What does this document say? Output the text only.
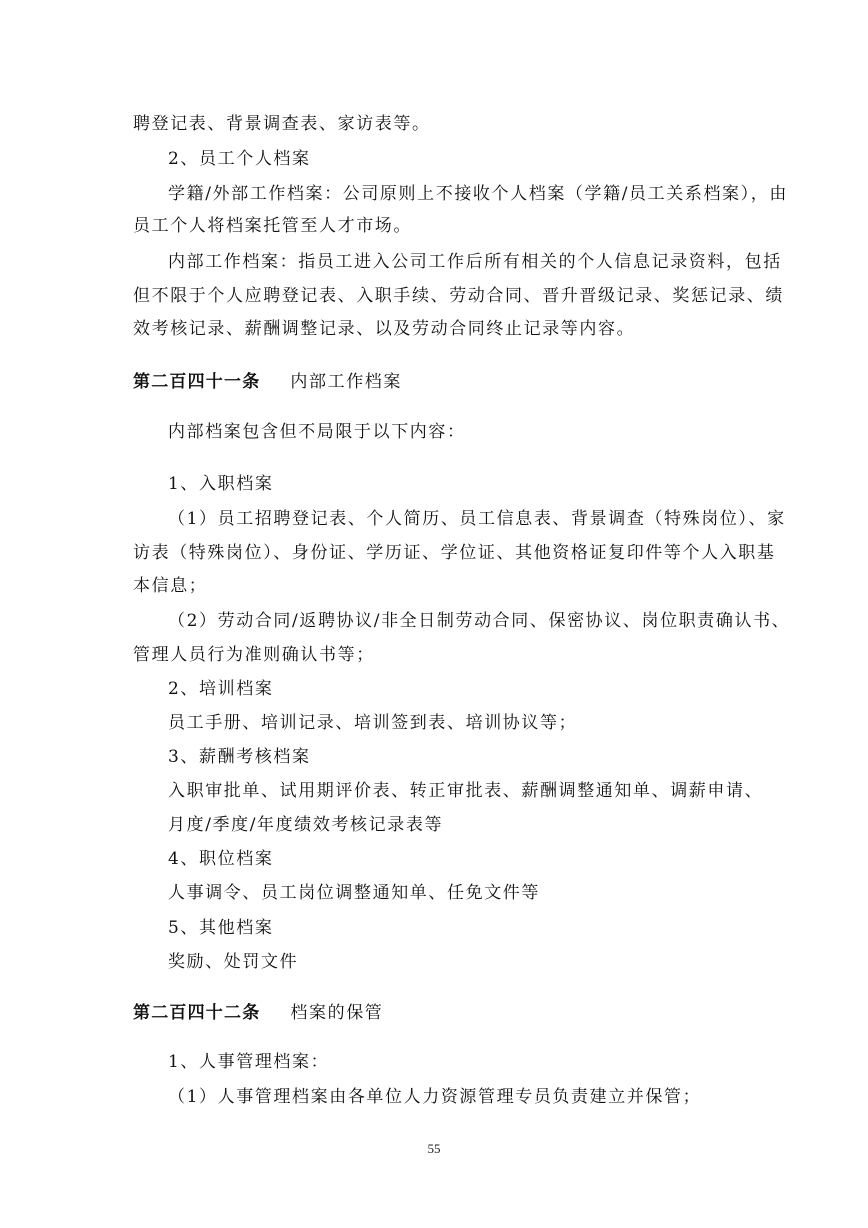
聘登记表、背景调查表、家访表等。
2、员工个人档案
学籍/外部工作档案：公司原则上不接收个人档案（学籍/员工关系档案），由
员工个人将档案托管至人才市场。
内部工作档案：指员工进入公司工作后所有相关的个人信息记录资料，包括
但不限于个人应聘登记表、入职手续、劳动合同、晋升晋级记录、奖惩记录、绩
效考核记录、薪酬调整记录、以及劳动合同终止记录等内容。
第二百四十一条 内部工作档案
内部档案包含但不局限于以下内容：
1、入职档案
（1）员工招聘登记表、个人简历、员工信息表、背景调查（特殊岗位）、家
访表（特殊岗位）、身份证、学历证、学位证、其他资格证复印件等个人入职基
本信息；
（2）劳动合同/返聘协议/非全日制劳动合同、保密协议、岗位职责确认书、
管理人员行为准则确认书等；
2、培训档案
员工手册、培训记录、培训签到表、培训协议等；
3、薪酬考核档案
入职审批单、试用期评价表、转正审批表、薪酬调整通知单、调薪申请、
月度/季度/年度绩效考核记录表等
4、职位档案
人事调令、员工岗位调整通知单、任免文件等
5、其他档案
奖励、处罚文件
第二百四十二条 档案的保管
1、人事管理档案：
（1）人事管理档案由各单位人力资源管理专员负责建立并保管；
55
